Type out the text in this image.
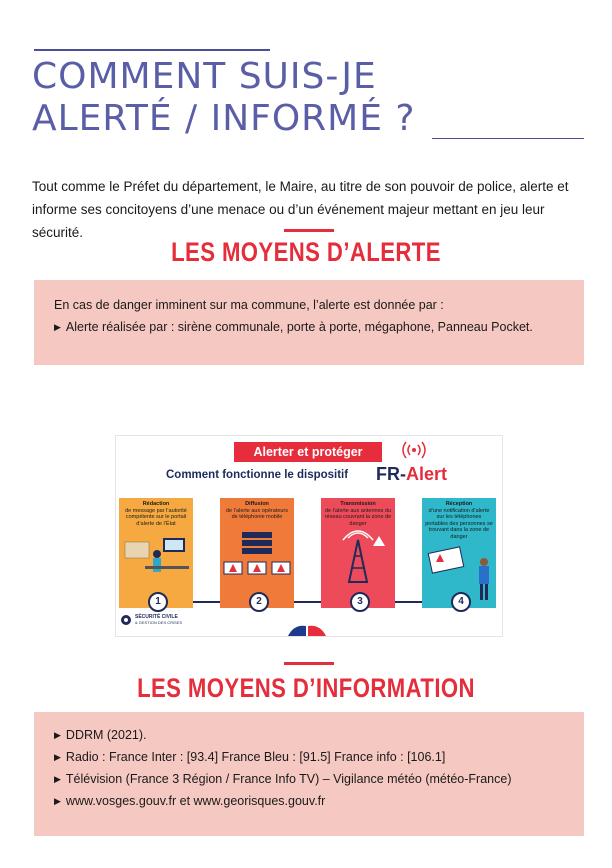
COMMENT SUIS-JE
ALERTÉ / INFORMÉ ?

Tout comme le Préfet du département, le Maire, au titre de son pouvoir de police, alerte et informe ses concitoyens d’une menace ou d’un événement majeur mettant en jeu leur sécurité.

LES MOYENS D’ALERTE

En cas de danger imminent sur ma commune, l’alerte est donnée par :

▶ Alerte réalisée par : sirène communale, porte à porte, mégaphone, Panneau Pocket.
Alerter et protéger
Comment fonctionne le dispositif FR-Alert
Rédaction
de message par l’autorité compétente sur le portail d’alerte de l’État
1
Diffusion
de l’alerte aux opérateurs de téléphonie mobile
2
Transmission
de l’alerte aux antennes du réseau couvrant la zone de danger
3
Réception
d’une notification d’alerte sur les téléphones portables des personnes se trouvant dans la zone de danger
4
SÉCURITÉ CIVILE
& GESTION DES CRISES
LES MOYENS D’INFORMATION
▶ DDRM (2021).
▶ Radio : France Inter : [93.4] France Bleu : [91.5] France info : [106.1]
▶ Télévision (France 3 Région / France Info TV) – Vigilance météo (météo-France)
▶ www.vosges.gouv.fr et www.georisques.gouv.fr
